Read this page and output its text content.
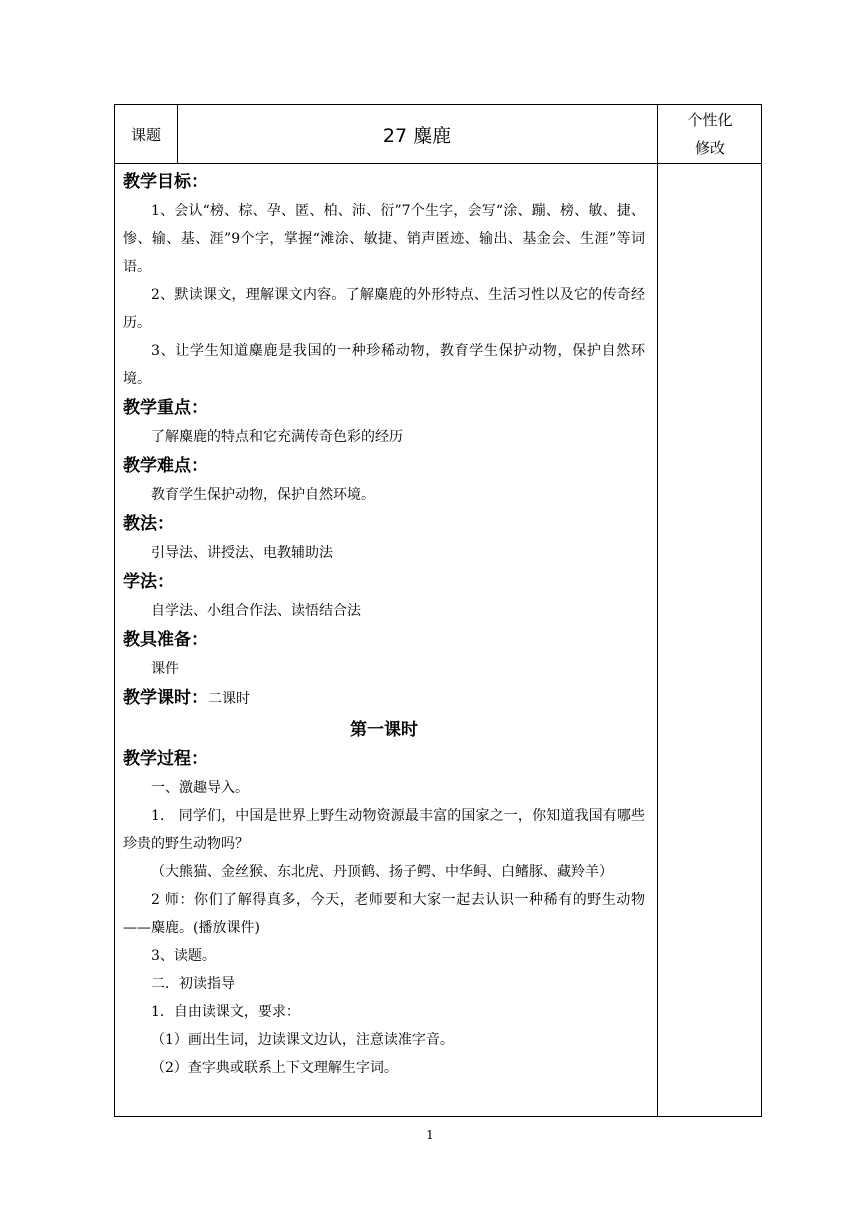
课题	27 麋鹿
个性化
修改
教学目标：

1、会认“榜、棕、孕、匿、柏、沛、衍”7个生字，会写“涂、蹦、榜、敏、捷、惨、输、基、涯”9个字，掌握“滩涂、敏捷、销声匿迹、输出、基金会、生涯”等词语。

2、默读课文，理解课文内容。了解麋鹿的外形特点、生活习性以及它的传奇经历。

3、让学生知道麋鹿是我国的一种珍稀动物，教育学生保护动物，保护自然环境。

教学重点：

了解麋鹿的特点和它充满传奇色彩的经历

教学难点：

教育学生保护动物，保护自然环境。

教法：

引导法、讲授法、电教辅助法

学法：

自学法、小组合作法、读悟结合法

教具准备：

课件

教学课时：二课时
第一课时
教学过程：

一、激趣导入。

1． 同学们，中国是世界上野生动物资源最丰富的国家之一，你知道我国有哪些珍贵的野生动物吗？

（大熊猫、金丝猴、东北虎、丹顶鹤、扬子鳄、中华鲟、白鳍豚、藏羚羊）

2 师：你们了解得真多，今天，老师要和大家一起去认识一种稀有的野生动物——麋鹿。(播放课件)

3、读题。

二．初读指导

1．自由读课文，要求：

（1）画出生词，边读课文边认，注意读准字音。

（2）查字典或联系上下文理解生字词。

1
